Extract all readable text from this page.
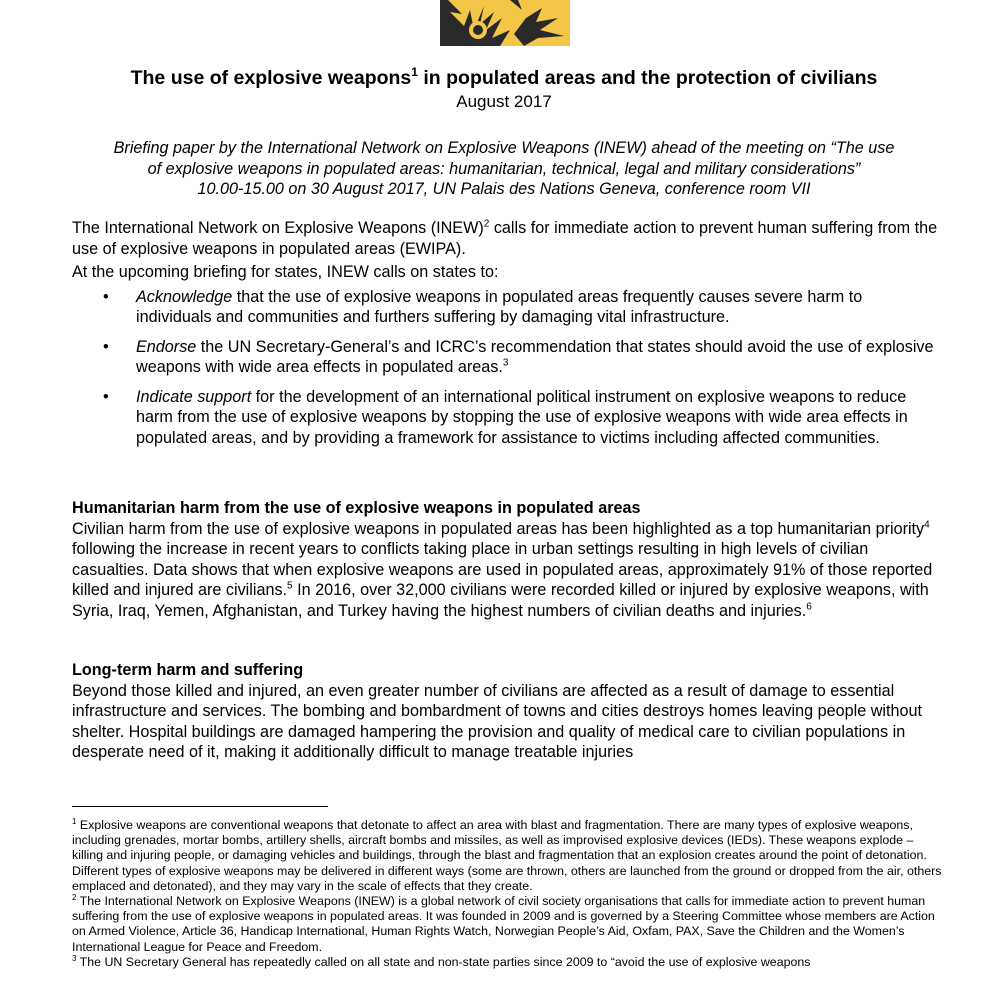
The use of explosive weapons$^1$ in populated areas and the protection of civilians
August 2017
Briefing paper by the International Network on Explosive Weapons (INEW) ahead of the meeting on “The use
of explosive weapons in populated areas: humanitarian, technical, legal and military considerations”
10.00-15.00 on 30 August 2017, UN Palais des Nations Geneva, conference room VII

The International Network on Explosive Weapons (INEW)$^2$ calls for immediate action to prevent human suffering from the use of explosive weapons in populated areas (EWIPA).

At the upcoming briefing for states, INEW calls on states to:

• Acknowledge that the use of explosive weapons in populated areas frequently causes severe harm to individuals and communities and furthers suffering by damaging vital infrastructure.
• Endorse the UN Secretary-General’s and ICRC’s recommendation that states should avoid the use of explosive weapons with wide area effects in populated areas.$^3$
• Indicate support for the development of an international political instrument on explosive weapons to reduce harm from the use of explosive weapons by stopping the use of explosive weapons with wide area effects in populated areas, and by providing a framework for assistance to victims including affected communities.

Humanitarian harm from the use of explosive weapons in populated areas

Civilian harm from the use of explosive weapons in populated areas has been highlighted as a top humanitarian priority$^4$ following the increase in recent years to conflicts taking place in urban settings resulting in high levels of civilian casualties. Data shows that when explosive weapons are used in populated areas, approximately 91% of those reported killed and injured are civilians.$^5$ In 2016, over 32,000 civilians were recorded killed or injured by explosive weapons, with Syria, Iraq, Yemen, Afghanistan, and Turkey having the highest numbers of civilian deaths and injuries.$^6$

Long-term harm and suffering

Beyond those killed and injured, an even greater number of civilians are affected as a result of damage to essential infrastructure and services. The bombing and bombardment of towns and cities destroys homes leaving people without shelter. Hospital buildings are damaged hampering the provision and quality of medical care to civilian populations in desperate need of it, making it additionally difficult to manage treatable injuries

$^1$ Explosive weapons are conventional weapons that detonate to affect an area with blast and fragmentation. There are many types of explosive weapons, including grenades, mortar bombs, artillery shells, aircraft bombs and missiles, as well as improvised explosive devices (IEDs). These weapons explode – killing and injuring people, or damaging vehicles and buildings, through the blast and fragmentation that an explosion creates around the point of detonation. Different types of explosive weapons may be delivered in different ways (some are thrown, others are launched from the ground or dropped from the air, others emplaced and detonated), and they may vary in the scale of effects that they create.

$^2$ The International Network on Explosive Weapons (INEW) is a global network of civil society organisations that calls for immediate action to prevent human suffering from the use of explosive weapons in populated areas. It was founded in 2009 and is governed by a Steering Committee whose members are Action on Armed Violence, Article 36, Handicap International, Human Rights Watch, Norwegian People’s Aid, Oxfam, PAX, Save the Children and the Women’s International League for Peace and Freedom.

$^3$ The UN Secretary General has repeatedly called on all state and non-state parties since 2009 to “avoid the use of explosive weapons
